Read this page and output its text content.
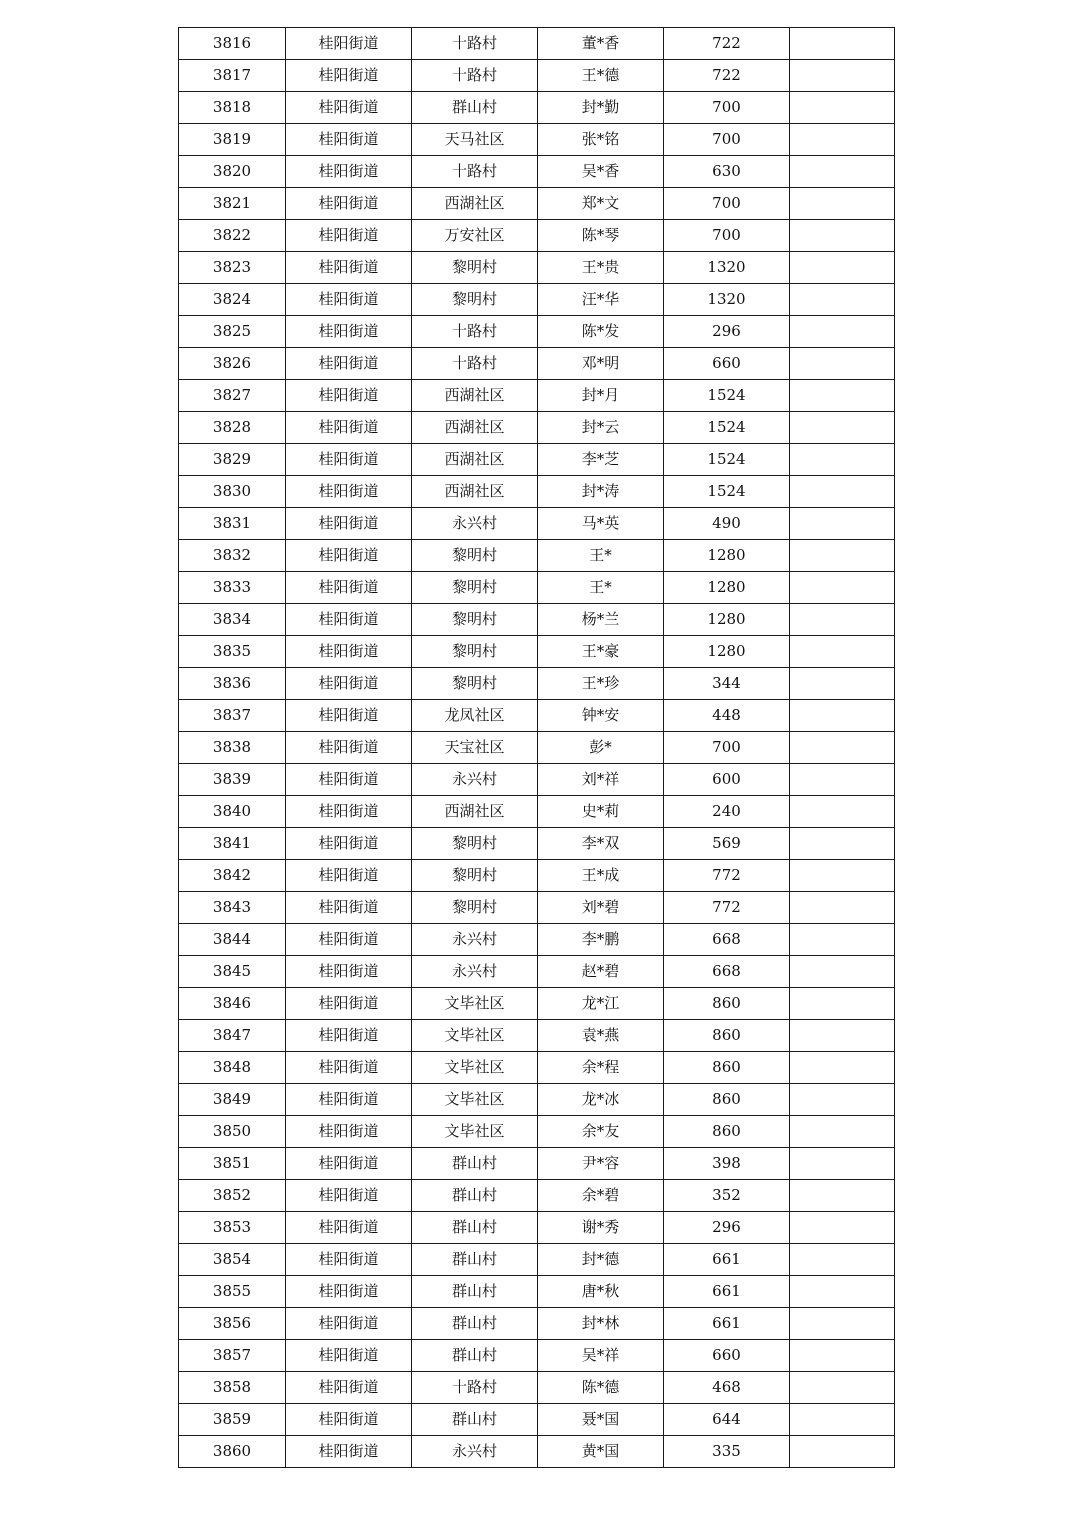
3816	桂阳街道	十路村	董*香	722	
3817	桂阳街道	十路村	王*德	722	
3818	桂阳街道	群山村	封*勤	700	
3819	桂阳街道	天马社区	张*铭	700	
3820	桂阳街道	十路村	吴*香	630	
3821	桂阳街道	西湖社区	郑*文	700	
3822	桂阳街道	万安社区	陈*琴	700	
3823	桂阳街道	黎明村	王*贵	1320	
3824	桂阳街道	黎明村	汪*华	1320	
3825	桂阳街道	十路村	陈*发	296	
3826	桂阳街道	十路村	邓*明	660	
3827	桂阳街道	西湖社区	封*月	1524	
3828	桂阳街道	西湖社区	封*云	1524	
3829	桂阳街道	西湖社区	李*芝	1524	
3830	桂阳街道	西湖社区	封*涛	1524	
3831	桂阳街道	永兴村	马*英	490	
3832	桂阳街道	黎明村	王*	1280	
3833	桂阳街道	黎明村	王*	1280	
3834	桂阳街道	黎明村	杨*兰	1280	
3835	桂阳街道	黎明村	王*豪	1280	
3836	桂阳街道	黎明村	王*珍	344	
3837	桂阳街道	龙凤社区	钟*安	448	
3838	桂阳街道	天宝社区	彭*	700	
3839	桂阳街道	永兴村	刘*祥	600	
3840	桂阳街道	西湖社区	史*莉	240	
3841	桂阳街道	黎明村	李*双	569	
3842	桂阳街道	黎明村	王*成	772	
3843	桂阳街道	黎明村	刘*碧	772	
3844	桂阳街道	永兴村	李*鹏	668	
3845	桂阳街道	永兴村	赵*碧	668	
3846	桂阳街道	文毕社区	龙*江	860	
3847	桂阳街道	文毕社区	袁*燕	860	
3848	桂阳街道	文毕社区	余*程	860	
3849	桂阳街道	文毕社区	龙*冰	860	
3850	桂阳街道	文毕社区	余*友	860	
3851	桂阳街道	群山村	尹*容	398	
3852	桂阳街道	群山村	余*碧	352	
3853	桂阳街道	群山村	谢*秀	296	
3854	桂阳街道	群山村	封*德	661	
3855	桂阳街道	群山村	唐*秋	661	
3856	桂阳街道	群山村	封*林	661	
3857	桂阳街道	群山村	吴*祥	660	
3858	桂阳街道	十路村	陈*德	468	
3859	桂阳街道	群山村	聂*国	644	
3860	桂阳街道	永兴村	黄*国	335	
